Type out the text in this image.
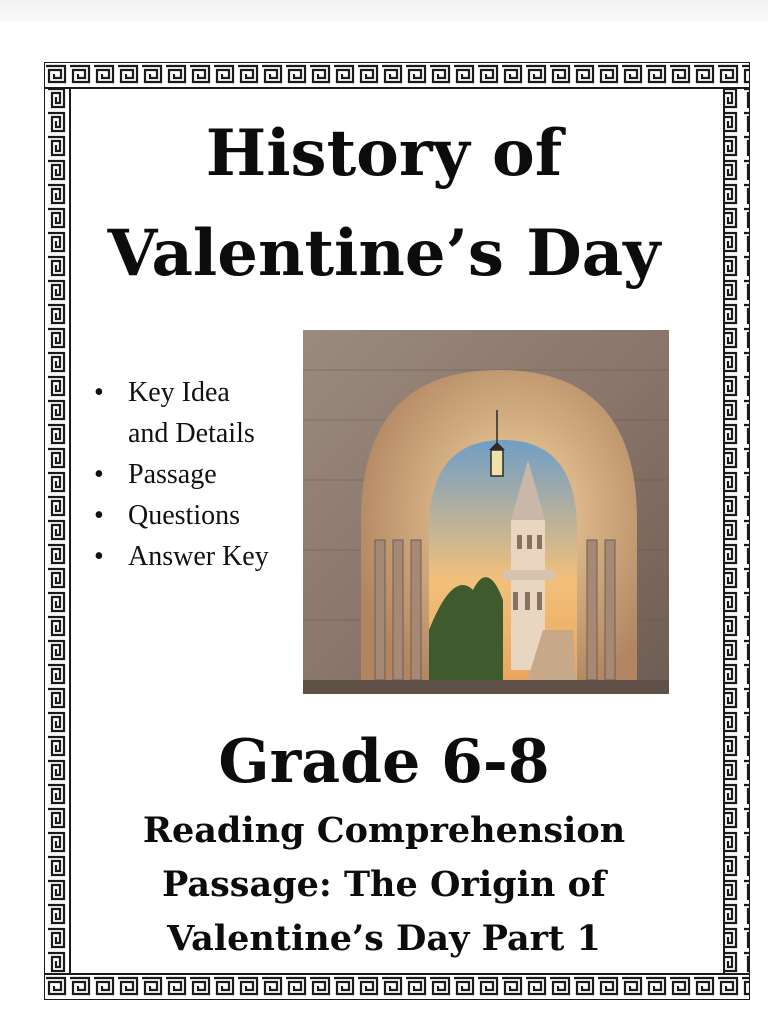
History of
Valentine’s Day
• Key Idea
and Details
• Passage
• Questions
• Answer Key
Grade 6-8
Reading Comprehension
Passage: The Origin of
Valentine’s Day Part 1
